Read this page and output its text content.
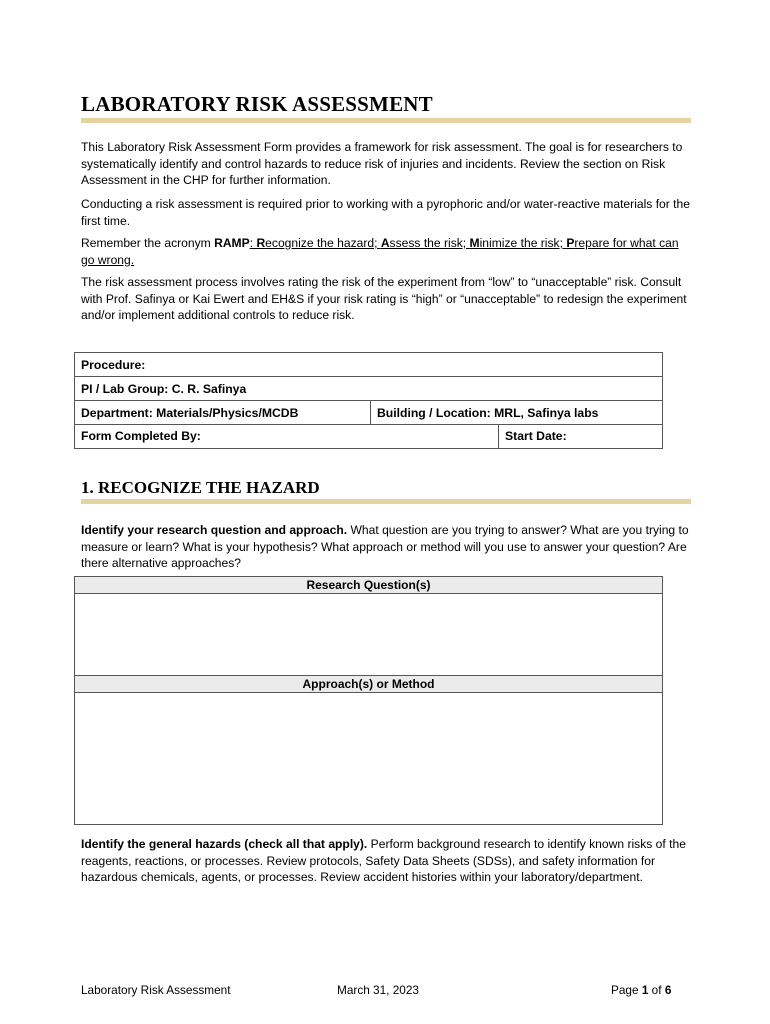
LABORATORY RISK ASSESSMENT

This Laboratory Risk Assessment Form provides a framework for risk assessment. The goal is for researchers to systematically identify and control hazards to reduce risk of injuries and incidents. Review the section on Risk Assessment in the CHP for further information.

Conducting a risk assessment is required prior to working with a pyrophoric and/or water-reactive materials for the first time.

Remember the acronym RAMP: Recognize the hazard; Assess the risk; Minimize the risk; Prepare for what can go wrong.

The risk assessment process involves rating the risk of the experiment from “low” to “unacceptable” risk. Consult with Prof. Safinya or Kai Ewert and EH&S if your risk rating is “high” or “unacceptable” to redesign the experiment and/or implement additional controls to reduce risk.

Procedure:
PI / Lab Group: C. R. Safinya
Department: Materials/Physics/MCDB	Building / Location: MRL, Safinya labs

Form Completed By:	Start Date:
1. RECOGNIZE THE HAZARD

Identify your research question and approach. What question are you trying to answer? What are you trying to measure or learn? What is your hypothesis? What approach or method will you use to answer your question? Are there alternative approaches?

Research Question(s)
Approach(s) or Method

Identify the general hazards (check all that apply). Perform background research to identify known risks of the reagents, reactions, or processes. Review protocols, Safety Data Sheets (SDSs), and safety information for hazardous chemicals, agents, or processes. Review accident histories within your laboratory/department.

Laboratory Risk Assessment	March 31, 2023	Page 1 of 6
